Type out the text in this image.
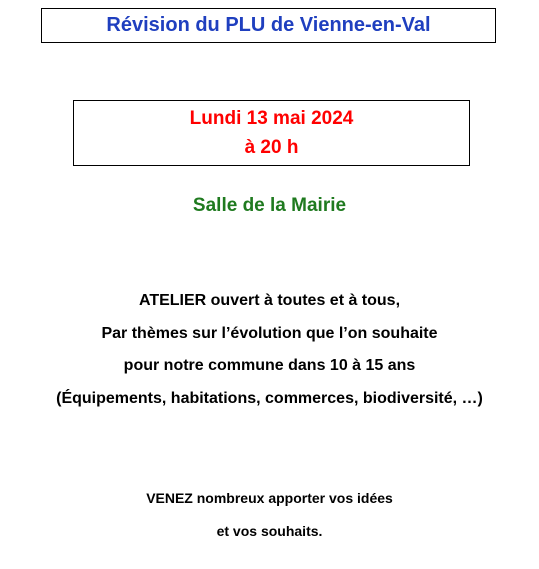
Révision du PLU de Vienne-en-Val
Lundi 13 mai 2024
à 20 h
Salle de la Mairie
ATELIER ouvert à toutes et à tous,
Par thèmes sur l’évolution que l’on souhaite
pour notre commune dans 10 à 15 ans
(Équipements, habitations, commerces, biodiversité, …)
VENEZ nombreux apporter vos idées
et vos souhaits.
